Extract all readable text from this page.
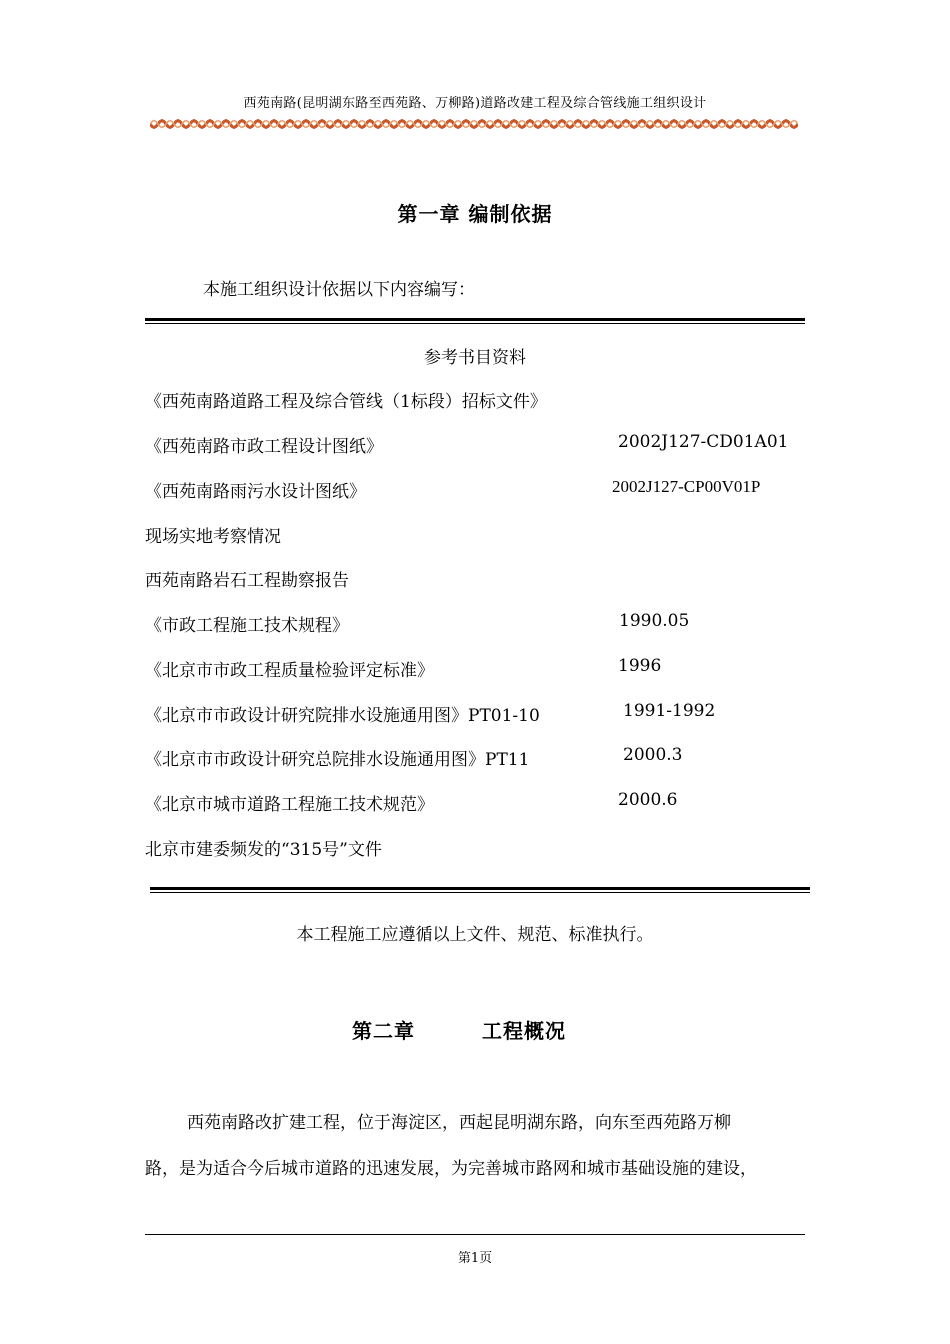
西苑南路(昆明湖东路至西苑路、万柳路)道路改建工程及综合管线施工组织设计
第一章 编制依据
本施工组织设计依据以下内容编写：
参考书目资料
《西苑南路道路工程及综合管线（1标段）招标文件》
《西苑南路市政工程设计图纸》	2002J127-CD01A01
《西苑南路雨污水设计图纸》	2002J127-CP00V01P
现场实地考察情况
西苑南路岩石工程勘察报告
《市政工程施工技术规程》	1990.05
《北京市市政工程质量检验评定标准》	1996
《北京市市政设计研究院排水设施通用图》PT01-10	1991-1992
《北京市市政设计研究总院排水设施通用图》PT11	2000.3
《北京市城市道路工程施工技术规范》	2000.6
北京市建委频发的“315号”文件
本工程施工应遵循以上文件、规范、标准执行。
第二章	工程概况
西苑南路改扩建工程，位于海淀区，西起昆明湖东路，向东至西苑路万柳
路，是为适合今后城市道路的迅速发展，为完善城市路网和城市基础设施的建设，
第1页
